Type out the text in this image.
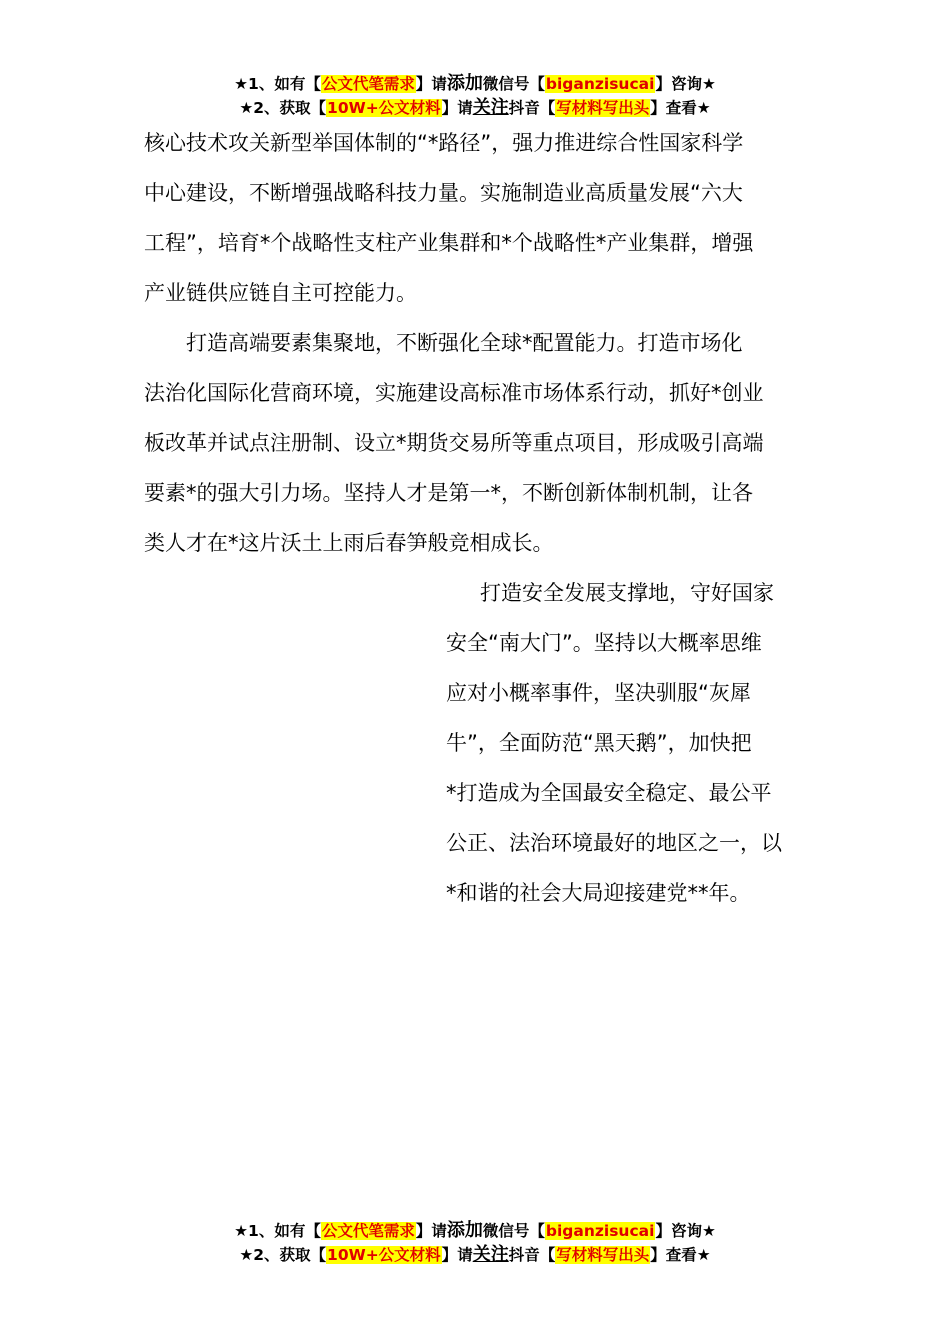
★1、如有【公文代笔需求】请添加微信号【biganzisucai】咨询★
★2、获取【10W+公文材料】请关注抖音【写材料写出头】查看★

核心技术攻关新型举国体制的“*路径”，强力推进综合性国家科学

中心建设，不断增强战略科技力量。实施制造业高质量发展“六大

工程”，培育*个战略性支柱产业集群和*个战略性*产业集群，增强

产业链供应链自主可控能力。

打造高端要素集聚地，不断强化全球*配置能力。打造市场化

法治化国际化营商环境，实施建设高标准市场体系行动，抓好*创业

板改革并试点注册制、设立*期货交易所等重点项目，形成吸引高端

要素*的强大引力场。坚持人才是第一*，不断创新体制机制，让各

类人才在*这片沃土上雨后春笋般竞相成长。

打造安全发展支撑地，守好国家

安全“南大门”。坚持以大概率思维

应对小概率事件，坚决驯服“灰犀

牛”，全面防范“黑天鹅”，加快把

*打造成为全国最安全稳定、最公平

公正、法治环境最好的地区之一，以

*和谐的社会大局迎接建党**年。

★1、如有【公文代笔需求】请添加微信号【biganzisucai】咨询★
★2、获取【10W+公文材料】请关注抖音【写材料写出头】查看★
